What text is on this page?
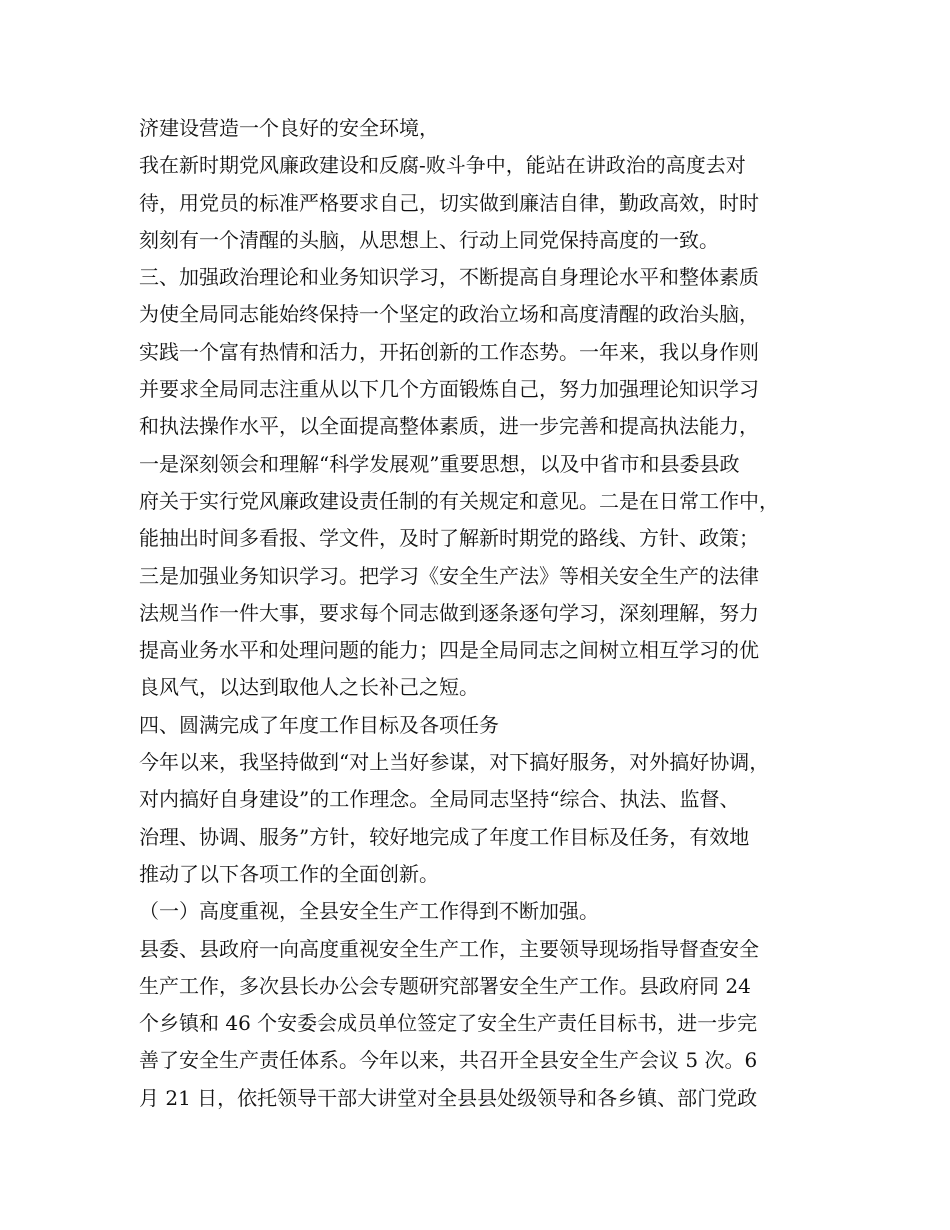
济建设营造一个良好的安全环境，
我在新时期党风廉政建设和反腐-败斗争中，能站在讲政治的高度去对
待，用党员的标准严格要求自己，切实做到廉洁自律，勤政高效，时时
刻刻有一个清醒的头脑，从思想上、行动上同党保持高度的一致。
三、加强政治理论和业务知识学习，不断提高自身理论水平和整体素质
为使全局同志能始终保持一个坚定的政治立场和高度清醒的政治头脑，
实践一个富有热情和活力，开拓创新的工作态势。一年来，我以身作则
并要求全局同志注重从以下几个方面锻炼自己，努力加强理论知识学习
和执法操作水平，以全面提高整体素质，进一步完善和提高执法能力，
一是深刻领会和理解“科学发展观”重要思想，以及中省市和县委县政
府关于实行党风廉政建设责任制的有关规定和意见。二是在日常工作中，
能抽出时间多看报、学文件，及时了解新时期党的路线、方针、政策；
三是加强业务知识学习。把学习《安全生产法》等相关安全生产的法律
法规当作一件大事，要求每个同志做到逐条逐句学习，深刻理解，努力
提高业务水平和处理问题的能力；四是全局同志之间树立相互学习的优
良风气，以达到取他人之长补己之短。
四、圆满完成了年度工作目标及各项任务
今年以来，我坚持做到“对上当好参谋，对下搞好服务，对外搞好协调，
对内搞好自身建设”的工作理念。全局同志坚持“综合、执法、监督、
治理、协调、服务”方针，较好地完成了年度工作目标及任务，有效地
推动了以下各项工作的全面创新。
（一）高度重视，全县安全生产工作得到不断加强。
县委、县政府一向高度重视安全生产工作，主要领导现场指导督查安全
生产工作，多次县长办公会专题研究部署安全生产工作。县政府同 24
个乡镇和 46 个安委会成员单位签定了安全生产责任目标书，进一步完
善了安全生产责任体系。今年以来，共召开全县安全生产会议 5 次。6
月 21 日，依托领导干部大讲堂对全县县处级领导和各乡镇、部门党政
